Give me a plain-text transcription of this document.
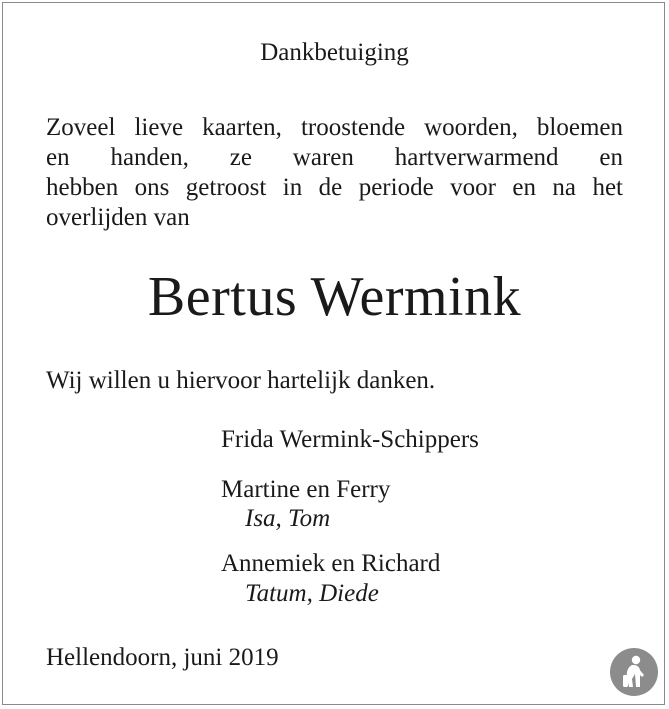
Dankbetuiging
Zoveel lieve kaarten, troostende woorden, bloemen
en handen, ze waren hartverwarmend en
hebben ons getroost in de periode voor en na het
overlijden van
Bertus Wermink
Wij willen u hiervoor hartelijk danken.
Frida Wermink-Schippers
Martine en Ferry
Isa, Tom
Annemiek en Richard
Tatum, Diede
Hellendoorn, juni 2019
